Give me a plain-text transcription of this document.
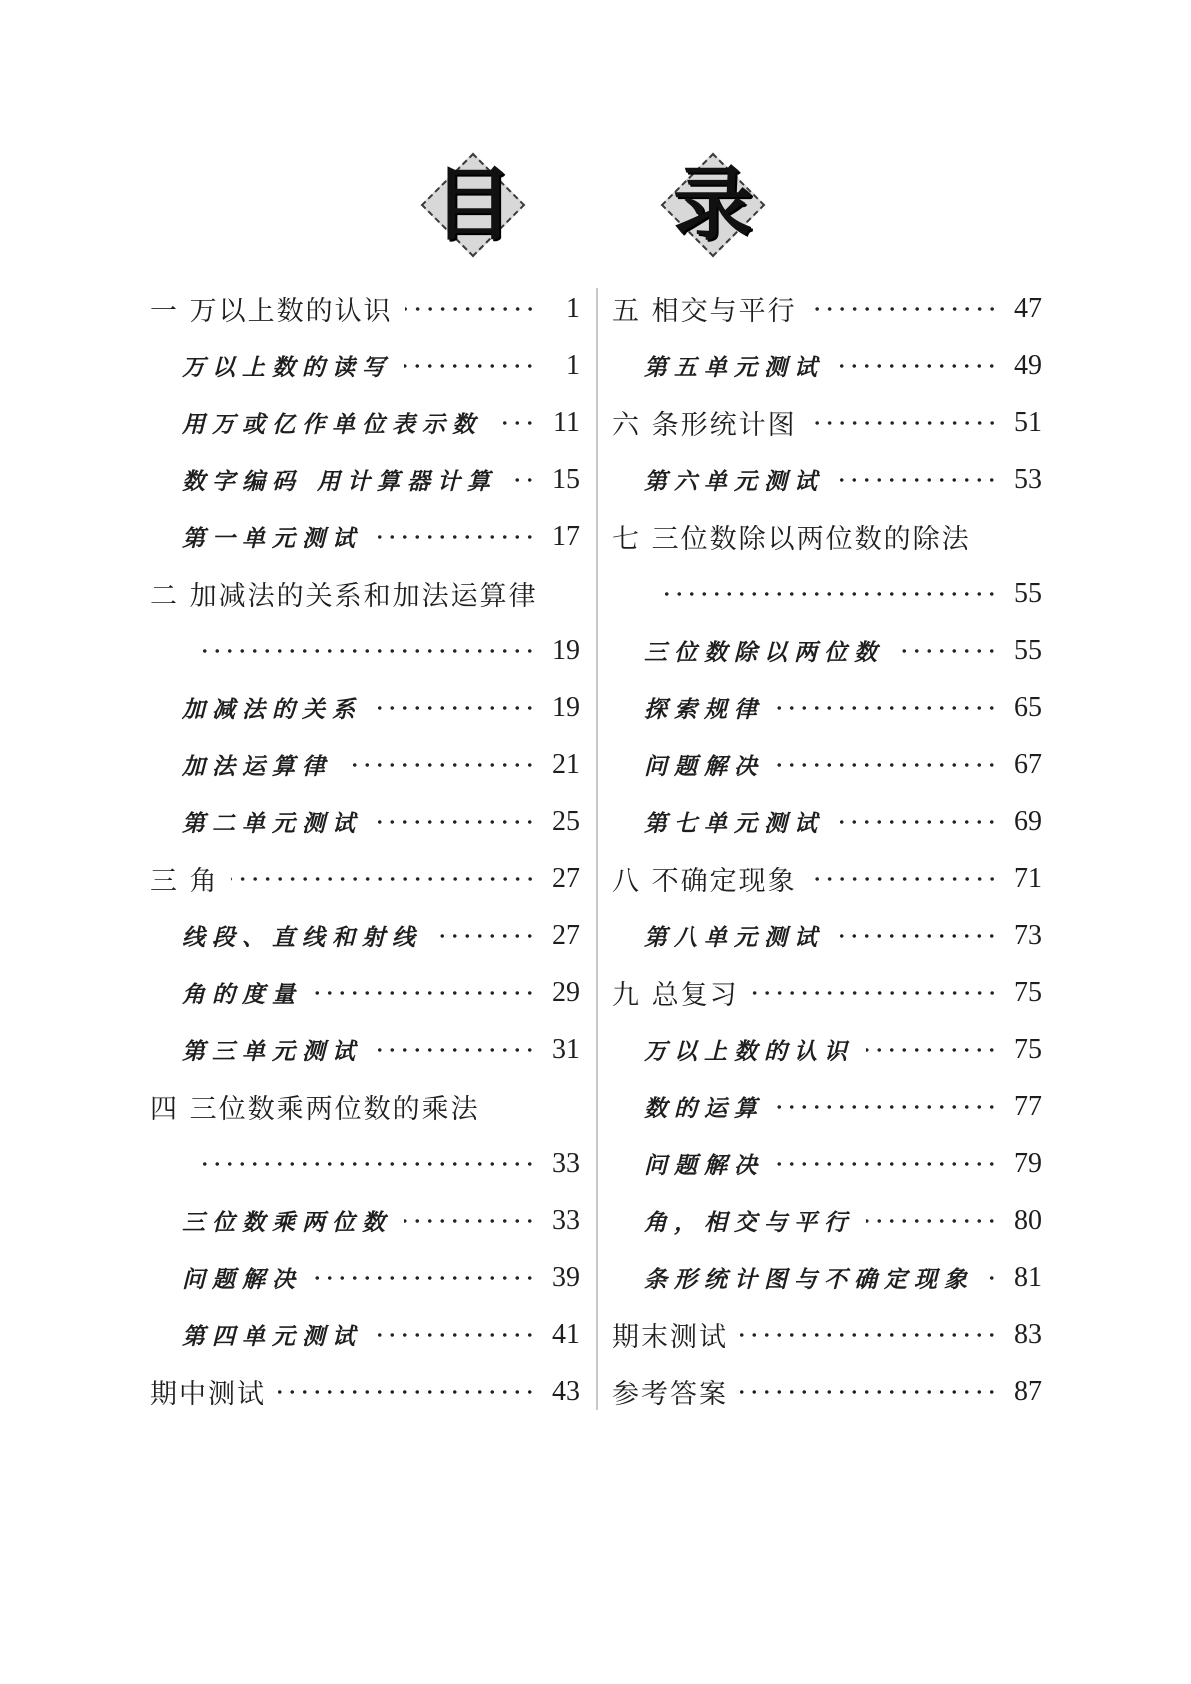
目 录
一 万以上数的认识	1
万以上数的读写	1
用万或亿作单位表示数	11
数字编码 用计算器计算 15
第一单元测试	17
二 加减法的关系和加法运算律
19
加减法的关系	19
加法运算律	21
第二单元测试	25
三 角	27
线段、直线和射线	27
角的度量	29
第三单元测试	31
四 三位数乘两位数的乘法
33
三位数乘两位数	33
问题解决	39
第四单元测试	41
期中测试	43
五 相交与平行	47
第五单元测试	49
六 条形统计图	51
第六单元测试	53
七 三位数除以两位数的除法
55
三位数除以两位数	55
探索规律	65
问题解决	67
第七单元测试	69
八 不确定现象	71
第八单元测试	73
九 总复习	75
万以上数的认识	75
数的运算	77
问题解决	79
角，相交与平行	80
条形统计图与不确定现象 81
期末测试	83
参考答案	87
